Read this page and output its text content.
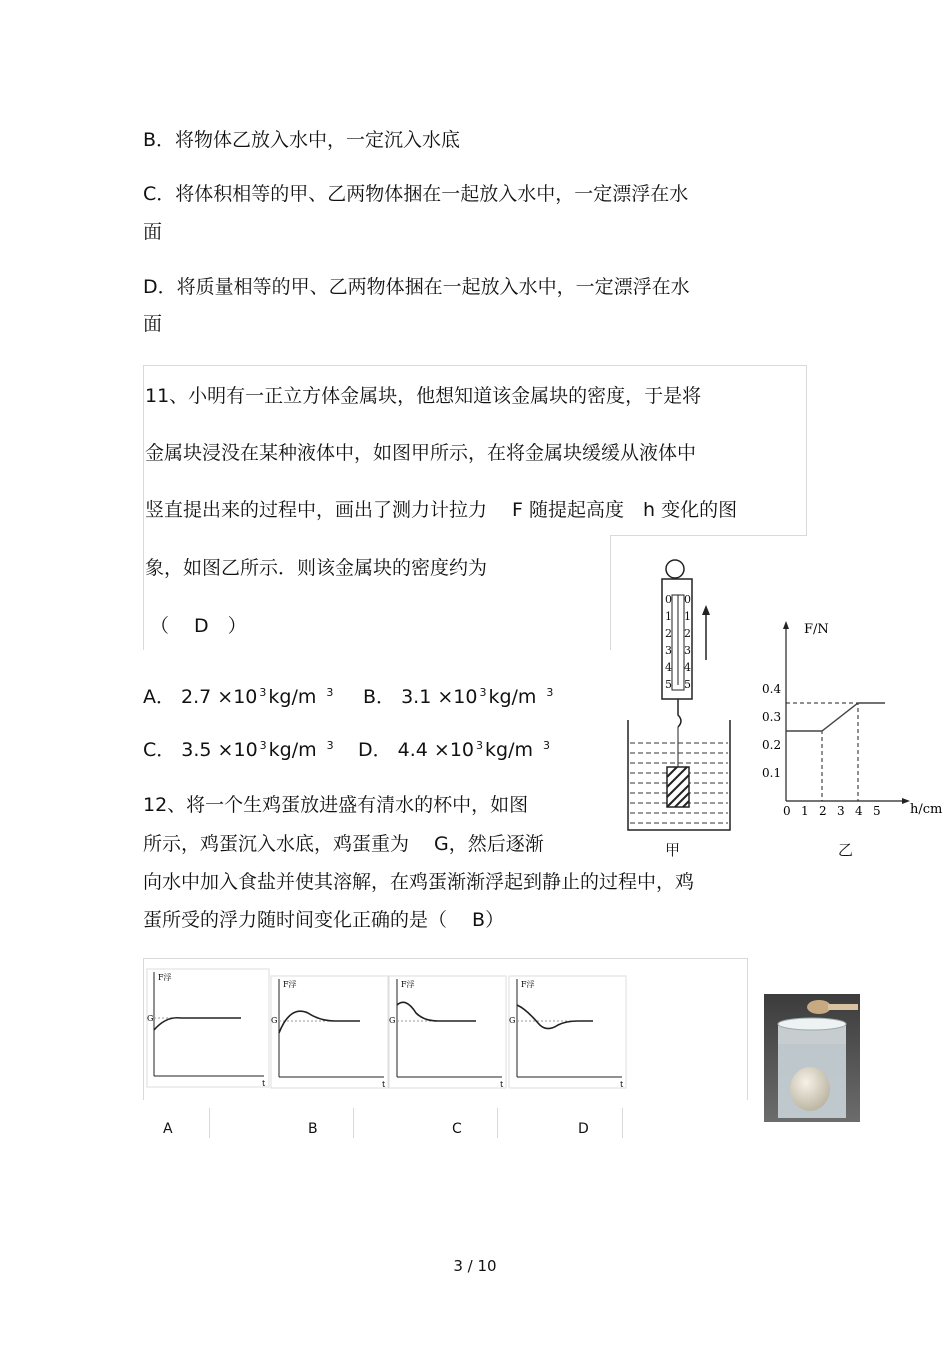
B．将物体乙放入水中，一定沉入水底
C．将体积相等的甲、乙两物体捆在一起放入水中，一定漂浮在水
面
D．将质量相等的甲、乙两物体捆在一起放入水中，一定漂浮在水
面
11、小明有一正立方体金属块，他想知道该金属块的密度，于是将
金属块浸没在某种液体中，如图甲所示，在将金属块缓缓从液体中
竖直提出来的过程中，画出了测力计拉力　 F 随提起高度　h 变化的图
象，如图乙所示．则该金属块的密度约为
（　 D　）
A． 2.7 ×10 $^3$ kg/m $^3$ B． 3.1 ×10 $^3$ kg/m $^3$
C． 3.5 ×10 $^3$ kg/m $^3$ D． 4.4 ×10 $^3$ kg/m $^3$
0
1
2
3
4
5
0
1
2
3
4
5
甲
F/N
h/cm
0.4
0.3
0.2
0.1
0 1 2 3 4 5
乙
12、将一个生鸡蛋放进盛有清水的杯中，如图
所示，鸡蛋沉入水底，鸡蛋重为　 G，然后逐渐
向水中加入食盐并使其溶解，在鸡蛋渐渐浮起到静止的过程中，鸡
蛋所受的浮力随时间变化正确的是（　 B）
F浮
G
t
F浮
G
t
F浮
G
t
F浮
G
t
A	B	C	D
3 / 10
